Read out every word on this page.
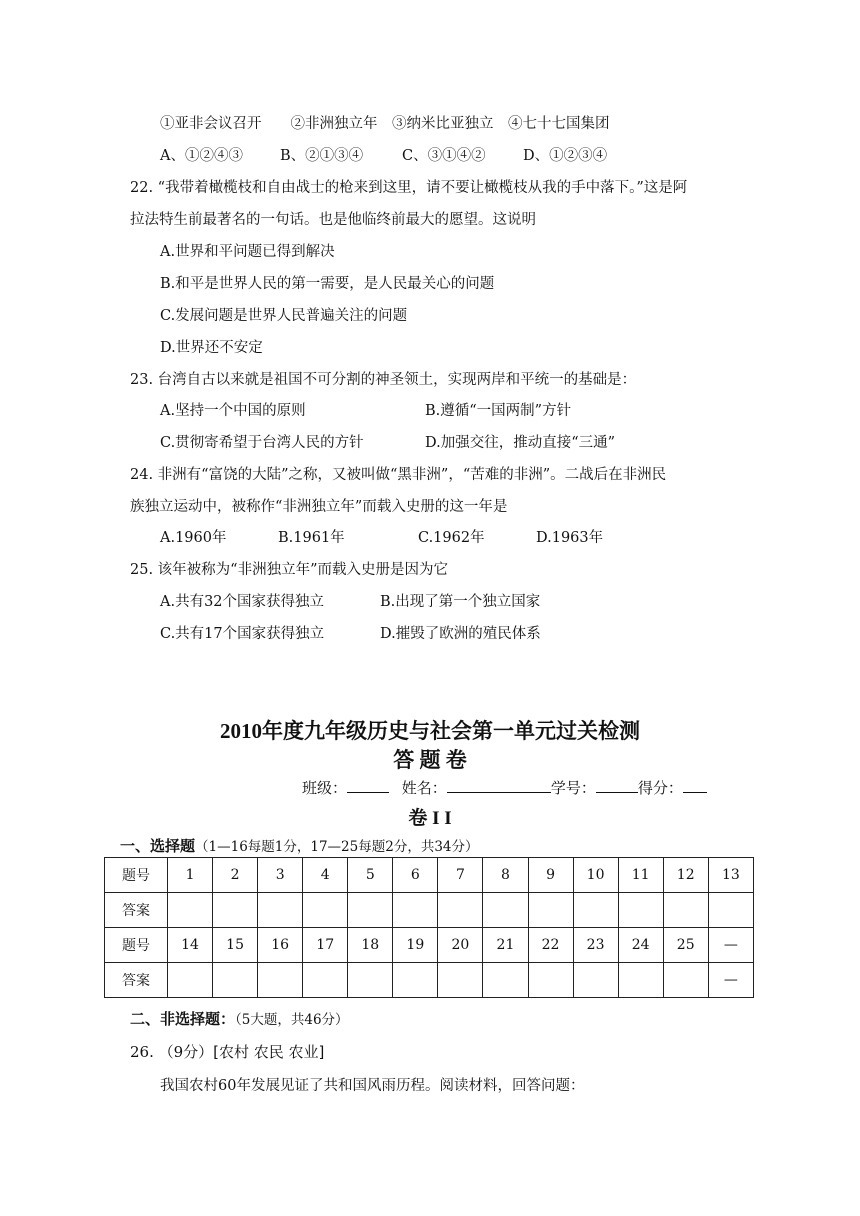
①亚非会议召开　　②非洲独立年　③纳米比亚独立　④七十七国集团
A、①②④③	B、②①③④	C、③①④②	D、①②③④
22. “我带着橄榄枝和自由战士的枪来到这里，请不要让橄榄枝从我的手中落下。”这是阿
拉法特生前最著名的一句话。也是他临终前最大的愿望。这说明
A.世界和平问题已得到解决
B.和平是世界人民的第一需要，是人民最关心的问题
C.发展问题是世界人民普遍关注的问题
D.世界还不安定
23. 台湾自古以来就是祖国不可分割的神圣领土，实现两岸和平统一的基础是：
A.坚持一个中国的原则	B.遵循“一国两制”方针
C.贯彻寄希望于台湾人民的方针	D.加强交往，推动直接“三通”
24. 非洲有“富饶的大陆”之称，又被叫做“黑非洲”，“苦难的非洲”。二战后在非洲民
族独立运动中，被称作“非洲独立年”而载入史册的这一年是
A.1960年	B.1961年	C.1962年	D.1963年
25. 该年被称为“非洲独立年”而载入史册是因为它
A.共有32个国家获得独立	B.出现了第一个独立国家
C.共有17个国家获得独立	D.摧毁了欧洲的殖民体系
2010年度九年级历史与社会第一单元过关检测
答 题 卷
班级：	姓名：	学号：	得分：
卷 I I
一、选择题（1—16每题1分，17—25每题2分，共34分）
题号	1	2	3	4	5	6	7	8	9	10	11	12	13
答案													
题号	14	15	16	17	18	19	20	21	22	23	24	25	—
答案													—
二、非选择题：（5大题，共46分）
26. （9分）[农村 农民 农业]
我国农村60年发展见证了共和国风雨历程。阅读材料，回答问题：
